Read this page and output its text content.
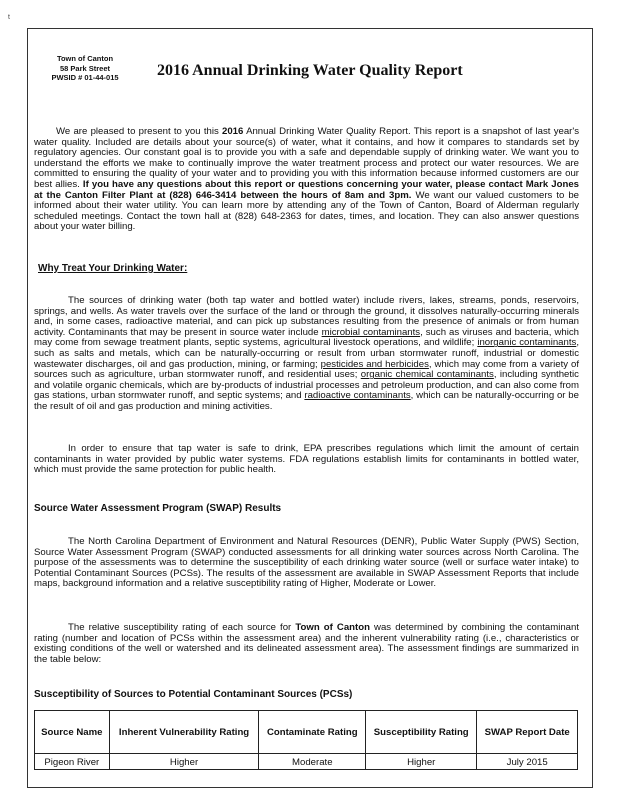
t
Town of Canton
58 Park Street
PWSID # 01-44-015	2016 Annual Drinking Water Quality Report

We are pleased to present to you this 2016 Annual Drinking Water Quality Report. This report is a snapshot of last year's water quality. Included are details about your source(s) of water, what it contains, and how it compares to standards set by regulatory agencies. Our constant goal is to provide you with a safe and dependable supply of drinking water. We want you to understand the efforts we make to continually improve the water treatment process and protect our water resources. We are committed to ensuring the quality of your water and to providing you with this information because informed customers are our best allies. If you have any questions about this report or questions concerning your water, please contact Mark Jones at the Canton Filter Plant at (828) 646-3414 between the hours of 8am and 3pm. We want our valued customers to be informed about their water utility. You can learn more by attending any of the Town of Canton, Board of Alderman regularly scheduled meetings. Contact the town hall at (828) 648-2363 for dates, times, and location. They can also answer questions about your water billing.

Why Treat Your Drinking Water:

The sources of drinking water (both tap water and bottled water) include rivers, lakes, streams, ponds, reservoirs, springs, and wells. As water travels over the surface of the land or through the ground, it dissolves naturally-occurring minerals and, in some cases, radioactive material, and can pick up substances resulting from the presence of animals or from human activity. Contaminants that may be present in source water include microbial contaminants, such as viruses and bacteria, which may come from sewage treatment plants, septic systems, agricultural livestock operations, and wildlife; inorganic contaminants, such as salts and metals, which can be naturally-occurring or result from urban stormwater runoff, industrial or domestic wastewater discharges, oil and gas production, mining, or farming; pesticides and herbicides, which may come from a variety of sources such as agriculture, urban stormwater runoff, and residential uses; organic chemical contaminants, including synthetic and volatile organic chemicals, which are by-products of industrial processes and petroleum production, and can also come from gas stations, urban stormwater runoff, and septic systems; and radioactive contaminants, which can be naturally-occurring or be the result of oil and gas production and mining activities.

In order to ensure that tap water is safe to drink, EPA prescribes regulations which limit the amount of certain contaminants in water provided by public water systems. FDA regulations establish limits for contaminants in bottled water, which must provide the same protection for public health.

Source Water Assessment Program (SWAP) Results

The North Carolina Department of Environment and Natural Resources (DENR), Public Water Supply (PWS) Section, Source Water Assessment Program (SWAP) conducted assessments for all drinking water sources across North Carolina. The purpose of the assessments was to determine the susceptibility of each drinking water source (well or surface water intake) to Potential Contaminant Sources (PCSs). The results of the assessment are available in SWAP Assessment Reports that include maps, background information and a relative susceptibility rating of Higher, Moderate or Lower.

The relative susceptibility rating of each source for Town of Canton was determined by combining the contaminant rating (number and location of PCSs within the assessment area) and the inherent vulnerability rating (i.e., characteristics or existing conditions of the well or watershed and its delineated assessment area). The assessment findings are summarized in the table below:

Susceptibility of Sources to Potential Contaminant Sources (PCSs)
Source Name	Inherent Vulnerability Rating	Contaminate Rating	Susceptibility Rating	SWAP Report Date
Pigeon River	Higher	Moderate	Higher	July 2015
